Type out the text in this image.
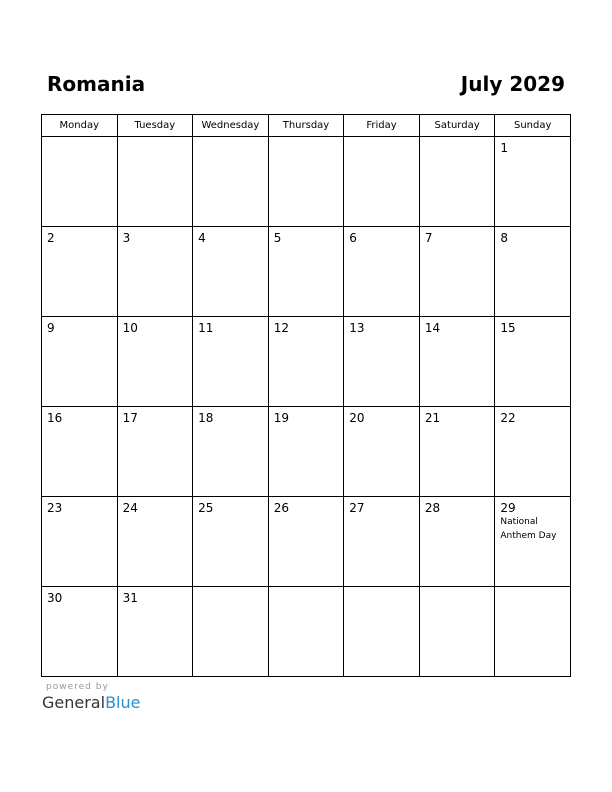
Romania	July 2029
Monday	Tuesday	Wednesday	Thursday	Friday	Saturday	Sunday

						1

2	3	4	5	6	7	8

9	10	11	12	13	14	15

16	17	18	19	20	21	22

23	24	25	26	27	28	29
National Anthem Day

30	31					

powered by
GeneralBlue
